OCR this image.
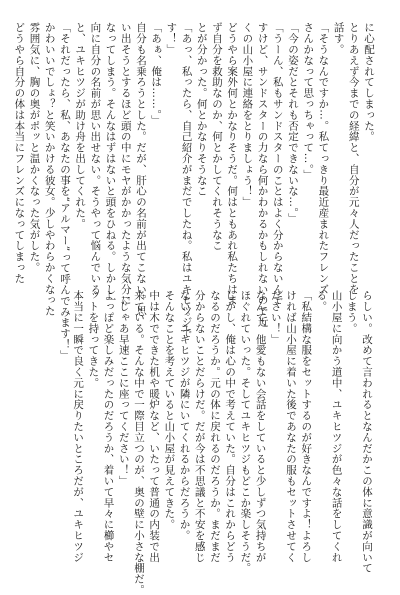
に心配されてしまった。
とりあえず今までの経緯と、自分が元々人だったことを
話す。
「そうなんですか…。私てっきり最近産まれたフレンズ
さんかなって思っちゃって…。」
「今の姿だとそれも否定できないな…。」
「うーん、私もサンドスターのことはよく分からないんで
すけど、サンドスターの力なら何かわかるかもしれないので近
くの山小屋に連絡をとりましょう！」
どうやら案外何とかなりそうだ。何はともあれ私たちはま
ず自分を救助なのか、何とかしてくれそうなこ
とが分かった。何とかなりそうなこ
「あっ、私ったら、自己紹介がまだでしたね。私はユキヒツジで
す！」
「あぁ、俺は……。」
自分も名乗ろうとした。だが、肝心の名前が出てこない。思
い出そうとするほど頭の中にモヤがかかったような気分に
なってしまう。そんなはずはないと頭をひねる。しかし一
向に自分の名前が思い出せない。そうやって悩んでいる
と、ユキヒツジが助け舟を出してくれた。
「それだったら、私、あなたの事を“アルマー”って呼んでみます！」
かわいいでしょ？と笑いかける彼女。少しやわらかくなった
雰囲気に、胸の奥がポッと温かくなった気がした。
どうやら自分の体は本当にフレンズになってしまった
らしい。改めて言われるとなんだかこの体に意識が向いて
しまう。
山小屋に向かう道中、ユキヒツジが色々な話をしてくれ
る。
「私結構な服をセットするのが好きなんですよ！よろし
ければ山小屋に着いた後であなたの服もセットさせてく
ださい！」
なんて、他愛もない会話をしていると少しずつ気持ちが
ほぐれていった。そしてユキヒツジもどこか楽しそうだ。
しかし、俺は心の中で考えていた。自分はこれからどう
なるのだろうか。元の体に戻れるのだろうか。まだまだ
分からないことだらけだ。だが今は不思議と不安を感じ
ない。ユキヒツジが隣にいてくれるからだろうか。
そんなことを考えていると山小屋が見えてきた。
中は木でできた机や暖炉など、いたって普通の内装で出
来ている。そんな中で一際目立つのが、奥の壁に小さな棚だ。
「じゃあ早速ここに座ってください！」
よっぽど楽しみだったのだろうか、着いて早々に櫛やセ
ットを持ってきた。
本当に一瞬で良く元に戻りたいところだが、ユキヒツジ
